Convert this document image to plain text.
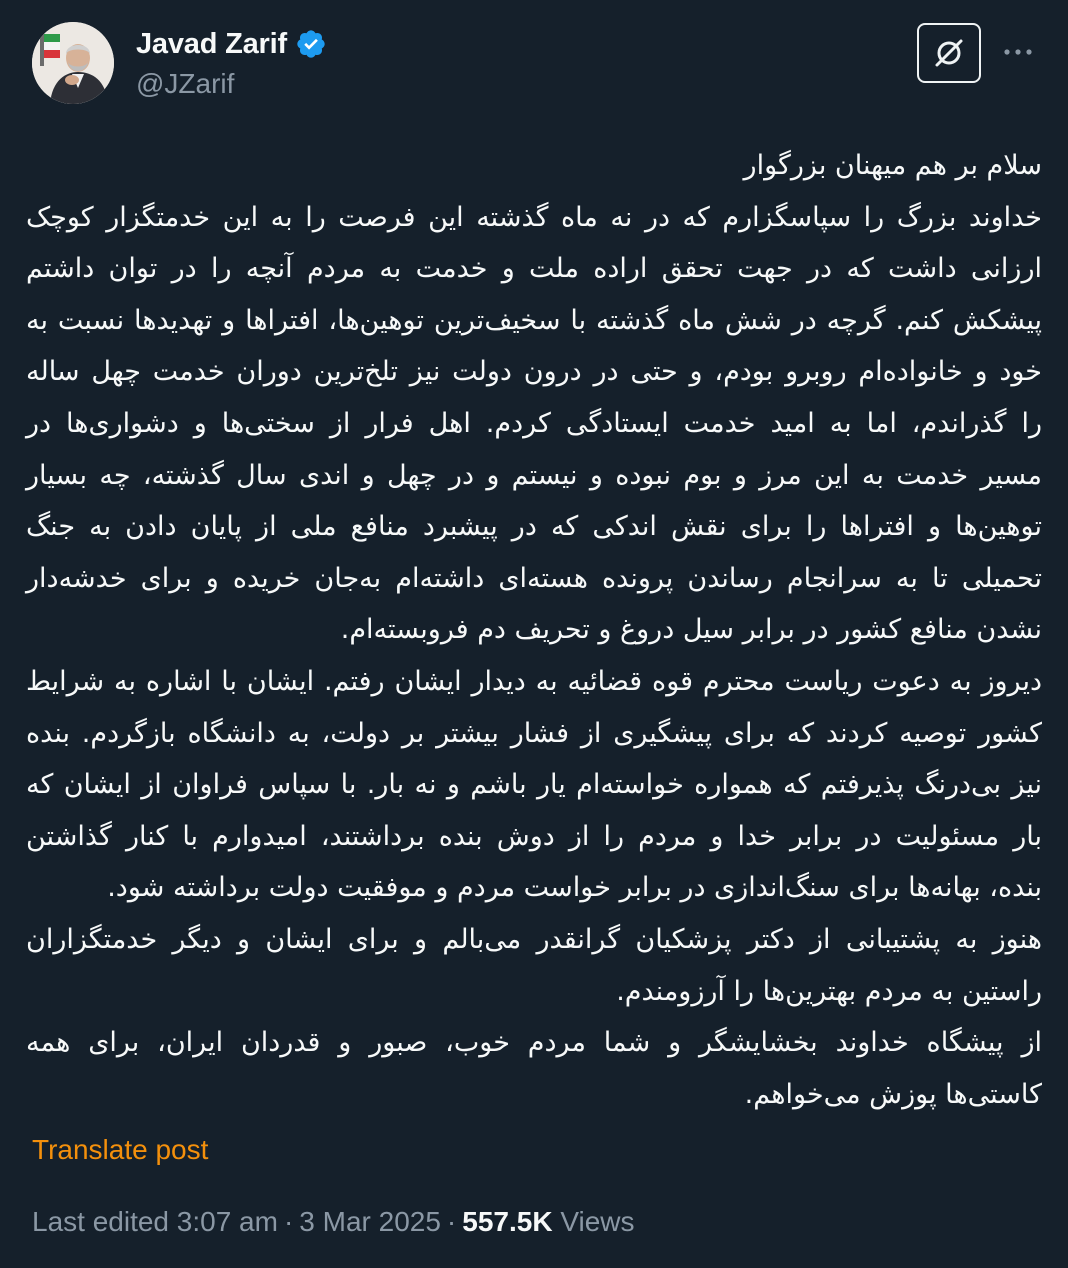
Javad Zarif
@JZarif
سلام بر هم میهنان بزرگوار
خداوند بزرگ را سپاسگزارم که در نه ماه گذشته این فرصت را به این خدمتگزار کوچک
ارزانی داشت که در جهت تحقق اراده ملت و خدمت به مردم آنچه را در توان داشتم
پیشکش کنم. گرچه در شش ماه گذشته با سخیف‌ترین توهین‌ها، افتراها و تهدیدها نسبت به
خود و خانواده‌ام روبرو بودم، و حتی در درون دولت نیز تلخ‌ترین دوران خدمت چهل ساله
را گذراندم، اما به امید خدمت ایستادگی کردم. اهل فرار از سختی‌ها و دشواری‌ها در
مسیر خدمت به این مرز و بوم نبوده و نیستم و در چهل و اندی سال گذشته، چه بسیار
توهین‌ها و افتراها را برای نقش اندکی که در پیشبرد منافع ملی از پایان دادن به جنگ
تحمیلی تا به سرانجام رساندن پرونده هسته‌ای داشته‌ام به‌جان خریده و برای خدشه‌دار
نشدن منافع کشور در برابر سیل دروغ و تحریف دم فروبسته‌ام.
دیروز به دعوت ریاست محترم قوه قضائیه به دیدار ایشان رفتم. ایشان با اشاره به شرایط
کشور توصیه کردند که برای پیشگیری از فشار بیشتر بر دولت، به دانشگاه بازگردم. بنده
نیز بی‌درنگ پذیرفتم که همواره خواسته‌ام یار باشم و نه بار. با سپاس فراوان از ایشان که
بار مسئولیت در برابر خدا و مردم را از دوش بنده برداشتند، امیدوارم با کنار گذاشتن
بنده، بهانه‌ها برای سنگ‌اندازی در برابر خواست مردم و موفقیت دولت برداشته شود.
هنوز به پشتیبانی از دکتر پزشکیان گرانقدر می‌بالم و برای ایشان و دیگر خدمتگزاران
راستین به مردم بهترین‌ها را آرزومندم.
از پیشگاه خداوند بخشایشگر و شما مردم خوب، صبور و قدردان ایران، برای همه
کاستی‌ها پوزش می‌خواهم.
Translate post
Last edited 3:07 am · 3 Mar 2025 · 557.5K Views
